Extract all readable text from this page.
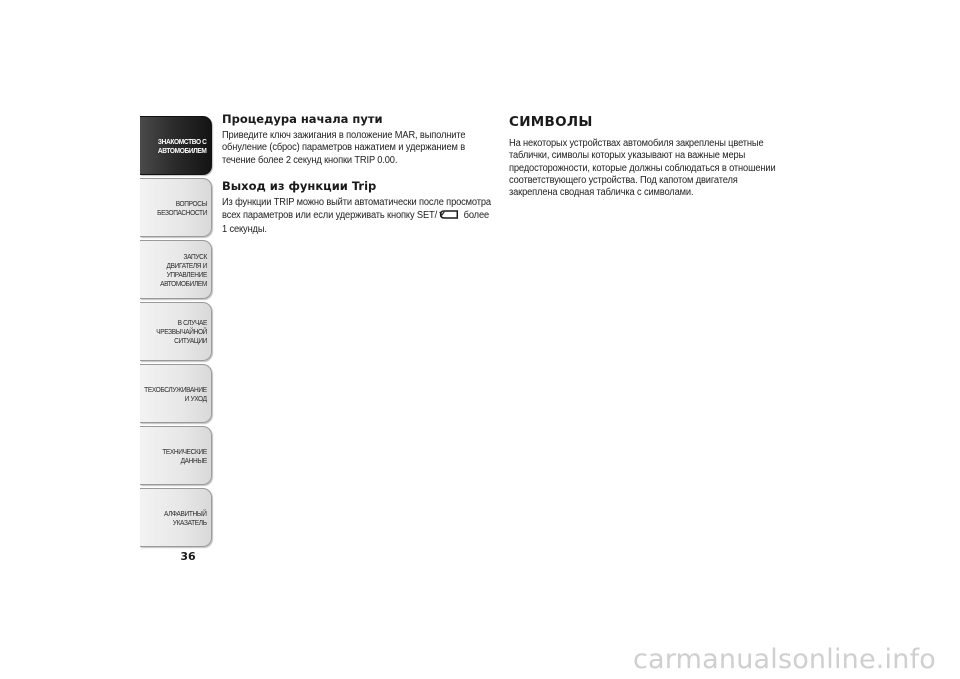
ЗНАКОМСТВО С
АВТОМОБИЛЕМ
ВОПРОСЫ
БЕЗОПАСНОСТИ
ЗАПУСК ДВИГАТЕЛЯ И
УПРАВЛЕНИЕ
АВТОМОБИЛЕМ
В СЛУЧАЕ
ЧРЕЗВЫЧАЙНОЙ
СИТУАЦИИ
ТЕХОБСЛУЖИВАНИЕ
И УХОД
ТЕХНИЧЕСКИЕ
ДАННЫЕ
АЛФАВИТНЫЙ
УКАЗАТЕЛЬ
36
Процедура начала пути

Приведите ключ зажигания в положение MAR, выполните обнуление (сброс) параметров нажатием и удержанием в течение более 2 секунд кнопки TRIP 0.00.

Выход из функции Trip

Из функции TRIP можно выйти автоматически после просмотра всех параметров или если удерживать кнопку SET/ более 1 секунды.

СИМВОЛЫ

На некоторых устройствах автомобиля закреплены цветные таблички, символы которых указывают на важные меры предосторожности, которые должны соблюдаться в отношении соответствующего устройства. Под капотом двигателя закреплена сводная табличка с символами.

carmanualsonline.info
